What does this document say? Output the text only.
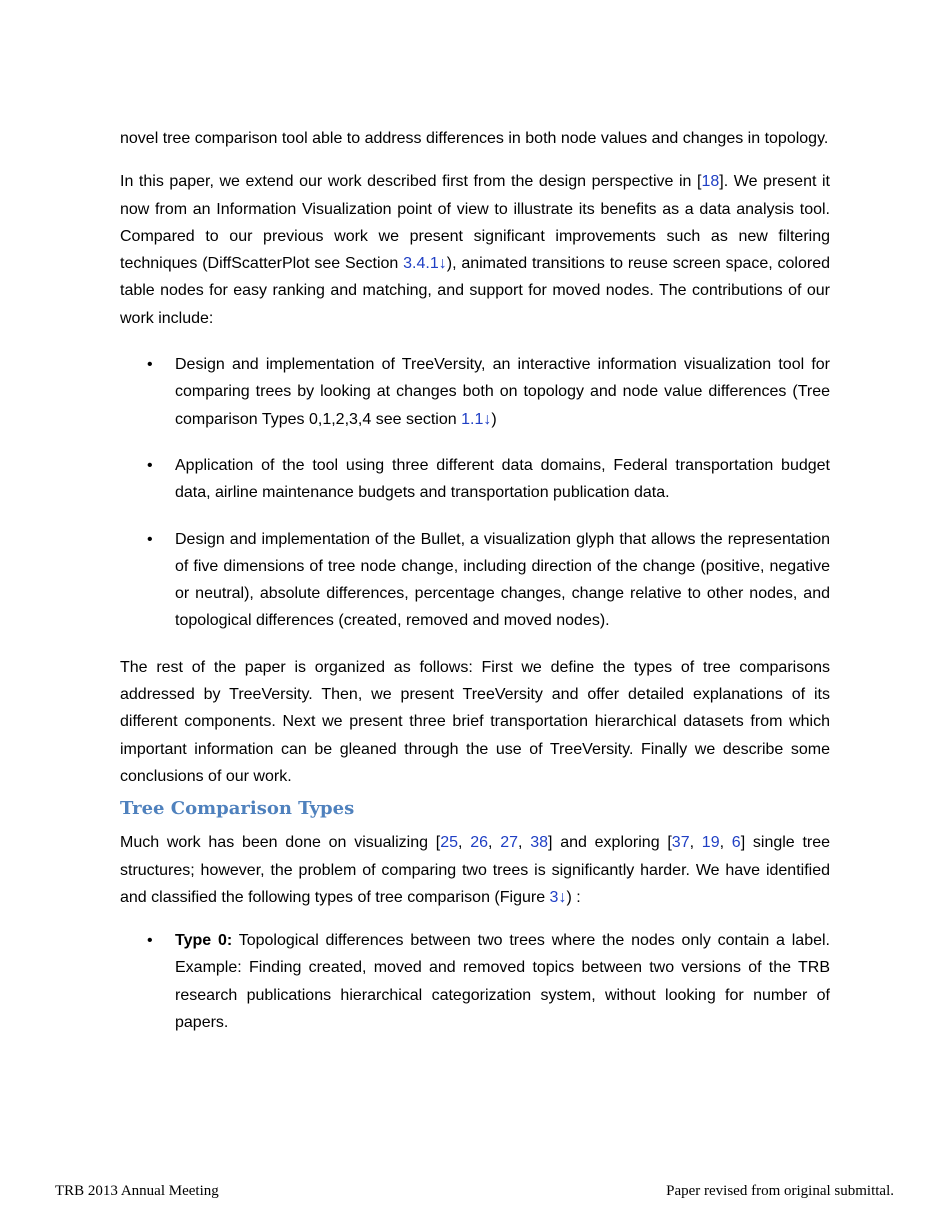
novel tree comparison tool able to address differences in both node values and changes in topology.

In this paper, we extend our work described first from the design perspective in [18]. We present it now from an Information Visualization point of view to illustrate its benefits as a data analysis tool. Compared to our previous work we present significant improvements such as new filtering techniques (DiffScatterPlot see Section 3.4.1↓), animated transitions to reuse screen space, colored table nodes for easy ranking and matching, and support for moved nodes. The contributions of our work include:

• Design and implementation of TreeVersity, an interactive information visualization tool for comparing trees by looking at changes both on topology and node value differences (Tree comparison Types 0,1,2,3,4 see section 1.1↓)
• Application of the tool using three different data domains, Federal transportation budget data, airline maintenance budgets and transportation publication data.
• Design and implementation of the Bullet, a visualization glyph that allows the representation of five dimensions of tree node change, including direction of the change (positive, negative or neutral), absolute differences, percentage changes, change relative to other nodes, and topological differences (created, removed and moved nodes).

The rest of the paper is organized as follows: First we define the types of tree comparisons addressed by TreeVersity. Then, we present TreeVersity and offer detailed explanations of its different components. Next we present three brief transportation hierarchical datasets from which important information can be gleaned through the use of TreeVersity. Finally we describe some conclusions of our work.

Tree Comparison Types

Much work has been done on visualizing [25, 26, 27, 38] and exploring [37, 19, 6] single tree structures; however, the problem of comparing two trees is significantly harder. We have identified and classified the following types of tree comparison (Figure 3↓) :

• Type 0: Topological differences between two trees where the nodes only contain a label. Example: Finding created, moved and removed topics between two versions of the TRB research publications hierarchical categorization system, without looking for number of papers.
TRB 2013 Annual Meeting	Paper revised from original submittal.
